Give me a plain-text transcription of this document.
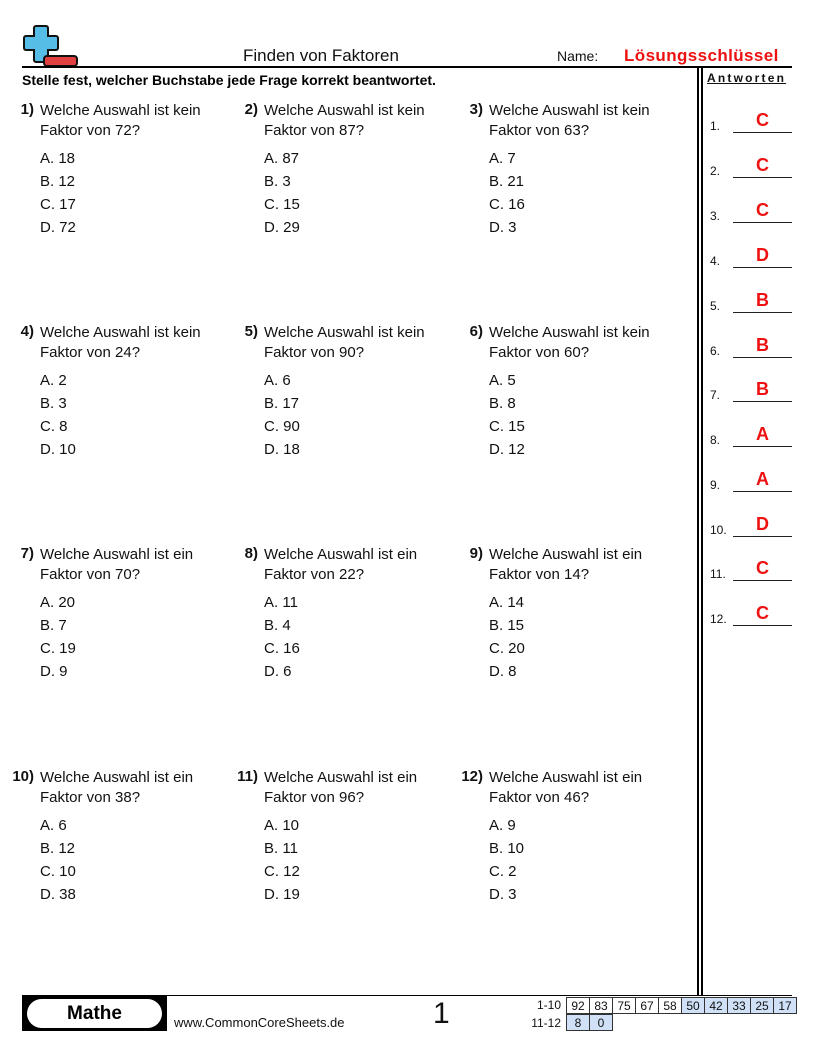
Finden von Faktoren	Name: Lösungsschlüssel
Stelle fest, welcher Buchstabe jede Frage korrekt beantwortet.
1) Welche Auswahl ist kein Faktor von 72?
A. 18
B. 12
C. 17
D. 72
2) Welche Auswahl ist kein Faktor von 87?
A. 87
B. 3
C. 15
D. 29
3) Welche Auswahl ist kein Faktor von 63?
A. 7
B. 21
C. 16
D. 3
4) Welche Auswahl ist kein Faktor von 24?
A. 2
B. 3
C. 8
D. 10
5) Welche Auswahl ist kein Faktor von 90?
A. 6
B. 17
C. 90
D. 18
6) Welche Auswahl ist kein Faktor von 60?
A. 5
B. 8
C. 15
D. 12
7) Welche Auswahl ist ein Faktor von 70?
A. 20
B. 7
C. 19
D. 9
8) Welche Auswahl ist ein Faktor von 22?
A. 11
B. 4
C. 16
D. 6
9) Welche Auswahl ist ein Faktor von 14?
A. 14
B. 15
C. 20
D. 8
10) Welche Auswahl ist ein Faktor von 38?
A. 6
B. 12
C. 10
D. 38
11) Welche Auswahl ist ein Faktor von 96?
A. 10
B. 11
C. 12
D. 19
12) Welche Auswahl ist ein Faktor von 46?
A. 9
B. 10
C. 2
D. 3
Antworten
1.	C
2.	C
3.	C
4.	D
5.	B
6.	B
7.	B
8.	A
9.	A
10.	D
11.	C
12.	C
Mathe	www.CommonCoreSheets.de	1	1-10 92	83	75	67	58	50	42	33	25	17
11-12 8	0
